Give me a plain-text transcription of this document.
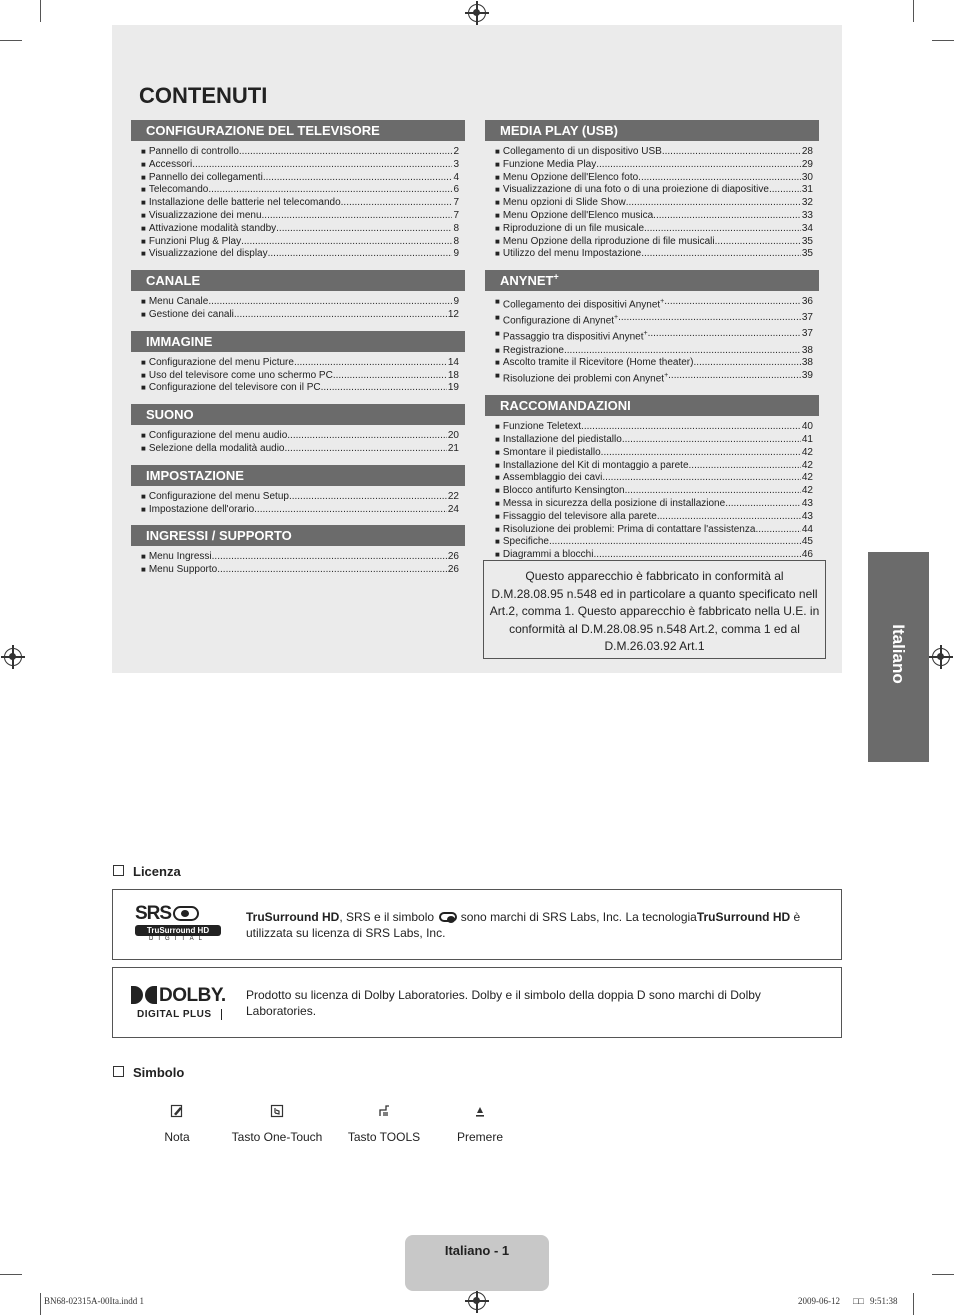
CONTENUTI
CONFIGURAZIONE DEL TELEVISORE
■ Pannello di controllo .....	2
■ Accessori .....	3
■ Pannello dei collegamenti .....	4
■ Telecomando .....	6
■ Installazione delle batterie nel telecomando .....	7
■ Visualizzazione dei menu .....	7
■ Attivazione modalità standby .....	8
■ Funzioni Plug & Play .....	8
■ Visualizzazione del display .....	9
CANALE
■ Menu Canale .....	9
■ Gestione dei canali .....	12
IMMAGINE
■ Configurazione del menu Picture .....	14
■ Uso del televisore come uno schermo PC .....	18
■ Configurazione del televisore con il PC .....	19
SUONO
■ Configurazione del menu audio .....	20
■ Selezione della modalità audio .....	21
IMPOSTAZIONE
■ Configurazione del menu Setup .....	22
■ Impostazione dell'orario .....	24
INGRESSI / SUPPORTO
■ Menu Ingressi .....	26
■ Menu Supporto .....	26
MEDIA PLAY (USB)
■ Collegamento di un dispositivo USB .....	28
■ Funzione Media Play .....	29
■ Menu Opzione dell'Elenco foto .....	30
■ Visualizzazione di una foto o di una proiezione di diapositive .....	31
■ Menu opzioni di Slide Show .....	32
■ Menu Opzione dell'Elenco musica .....	33
■ Riproduzione di un file musicale .....	34
■ Menu Opzione della riproduzione di file musicali .....	35
■ Utilizzo del menu Impostazione .....	35
ANYNET+
■ Collegamento dei dispositivi Anynet+ .....	36
■ Configurazione di Anynet+ .....	37
■ Passaggio tra dispositivi Anynet+ .....	37
■ Registrazione .....	38
■ Ascolto tramite il Ricevitore (Home theater) .....	38
■ Risoluzione dei problemi con Anynet+ .....	39
RACCOMANDAZIONI
■ Funzione Teletext .....	40
■ Installazione del piedistallo .....	41
■ Smontare il piedistallo .....	42
■ Installazione del Kit di montaggio a parete .....	42
■ Assemblaggio dei cavi .....	42
■ Blocco antifurto Kensington .....	42
■ Messa in sicurezza della posizione di installazione .....	43
■ Fissaggio del televisore alla parete .....	43
■ Risoluzione dei problemi: Prima di contattare l'assistenza .....	44
■ Specifiche .....	45
■ Diagrammi a blocchi .....	46
Questo apparecchio è fabbricato in conformità al D.M.28.08.95 n.548 ed in particolare a quanto specificato nell Art.2, comma 1. Questo apparecchio è fabbricato nella U.E. in conformità al D.M.28.08.95 n.548 Art.2, comma 1 ed al D.M.26.03.92 Art.1	Italiano
Licenza
SRS
TruSurround HD
DIGITAL
TruSurround HD, SRS e il simbolo  sono marchi di SRS Labs, Inc. La tecnologiaTruSurround HD è utilizzata su licenza di SRS Labs, Inc.
DOLBY.
DIGITAL PLUS
Prodotto su licenza di Dolby Laboratories. Dolby e il simbolo della doppia D sono marchi di Dolby Laboratories.
Simbolo
Nota	Tasto One-Touch	Tasto TOOLS	Premere
Italiano - 1
BN68-02315A-00Ita.indd 1	2009-06-12 □□ 9:51:38
